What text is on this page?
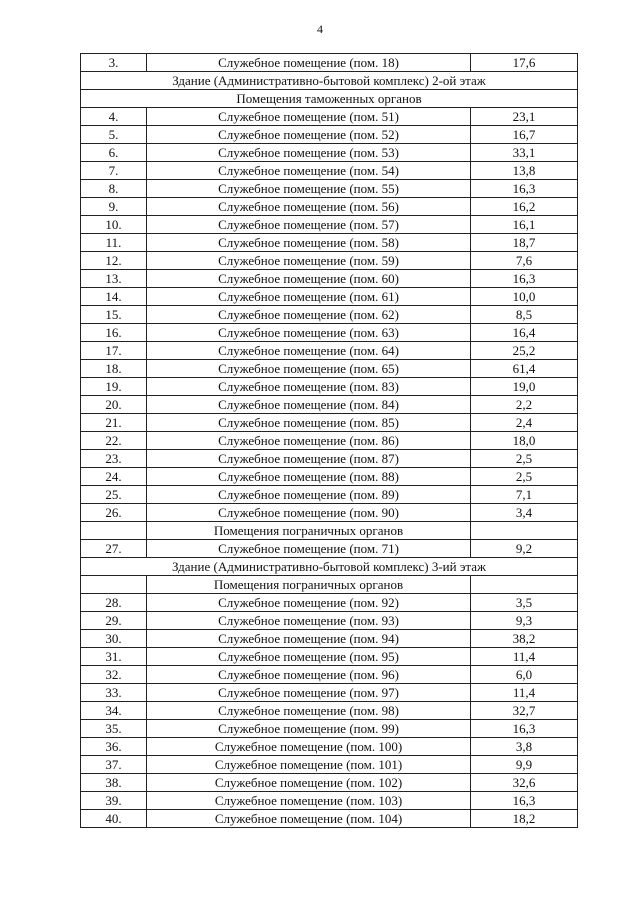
4
3.	Служебное помещение (пом. 18)	17,6
Здание (Административно-бытовой комплекс) 2-ой этаж		
Помещения таможенных органов		
4.	Служебное помещение (пом. 51)	23,1
5.	Служебное помещение (пом. 52)	16,7
6.	Служебное помещение (пом. 53)	33,1
7.	Служебное помещение (пом. 54)	13,8
8.	Служебное помещение (пом. 55)	16,3
9.	Служебное помещение (пом. 56)	16,2
10.	Служебное помещение (пом. 57)	16,1
11.	Служебное помещение (пом. 58)	18,7
12.	Служебное помещение (пом. 59)	7,6
13.	Служебное помещение (пом. 60)	16,3
14.	Служебное помещение (пом. 61)	10,0
15.	Служебное помещение (пом. 62)	8,5
16.	Служебное помещение (пом. 63)	16,4
17.	Служебное помещение (пом. 64)	25,2
18.	Служебное помещение (пом. 65)	61,4
19.	Служебное помещение (пом. 83)	19,0
20.	Служебное помещение (пом. 84)	2,2
21.	Служебное помещение (пом. 85)	2,4
22.	Служебное помещение (пом. 86)	18,0
23.	Служебное помещение (пом. 87)	2,5
24.	Служебное помещение (пом. 88)	2,5
25.	Служебное помещение (пом. 89)	7,1
26.	Служебное помещение (пом. 90)	3,4
	Помещения пограничных органов	
27.	Служебное помещение (пом. 71)	9,2
Здание (Административно-бытовой комплекс) 3-ий этаж		
	Помещения пограничных органов	
28.	Служебное помещение (пом. 92)	3,5
29.	Служебное помещение (пом. 93)	9,3
30.	Служебное помещение (пом. 94)	38,2
31.	Служебное помещение (пом. 95)	11,4
32.	Служебное помещение (пом. 96)	6,0
33.	Служебное помещение (пом. 97)	11,4
34.	Служебное помещение (пом. 98)	32,7
35.	Служебное помещение (пом. 99)	16,3
36.	Служебное помещение (пом. 100)	3,8
37.	Служебное помещение (пом. 101)	9,9
38.	Служебное помещение (пом. 102)	32,6
39.	Служебное помещение (пом. 103)	16,3
40.	Служебное помещение (пом. 104)	18,2
